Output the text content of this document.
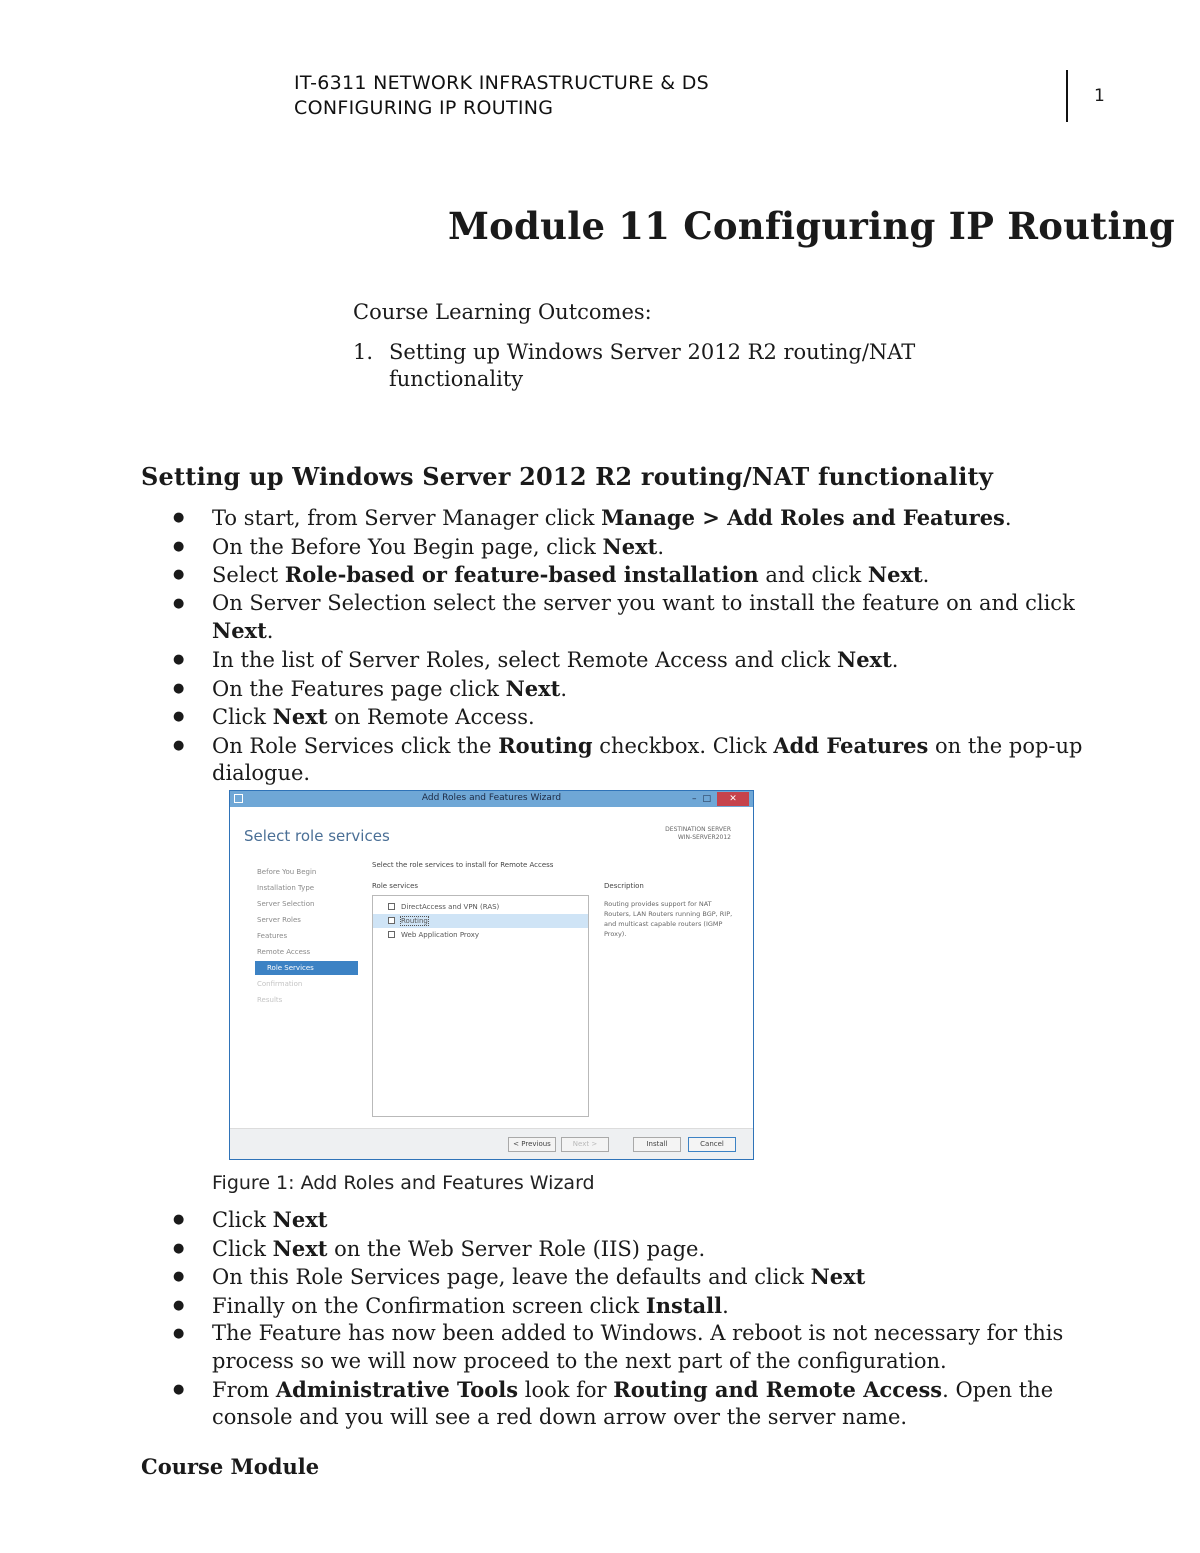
IT-6311 NETWORK INFRASTRUCTURE & DS
CONFIGURING IP ROUTING
1
Module 11 Configuring IP Routing
Course Learning Outcomes:
1. Setting up Windows Server 2012 R2 routing/NAT functionality
Setting up Windows Server 2012 R2 routing/NAT functionality
● To start, from Server Manager click Manage > Add Roles and Features.
● On the Before You Begin page, click Next.
● Select Role-based or feature-based installation and click Next.
● On Server Selection select the server you want to install the feature on and click Next.
● In the list of Server Roles, select Remote Access and click Next.
● On the Features page click Next.
● Click Next on Remote Access.
● On Role Services click the Routing checkbox. Click Add Features on the pop-up dialogue.
Add Roles and Features Wizard	– □	✕
Select role services	DESTINATION SERVER
WIN-SERVER2012
Before You Begin
Installation Type
Server Selection
Server Roles
Features
Remote Access
Role Services
Confirmation
Results
Select the role services to install for Remote Access
Role services	Description
DirectAccess and VPN (RAS)
Routing
Web Application Proxy
Routing provides support for NAT Routers, LAN Routers running BGP, RIP, and multicast capable routers (IGMP Proxy).
< Previous	Next >	Install	Cancel
Figure 1: Add Roles and Features Wizard
● Click Next
● Click Next on the Web Server Role (IIS) page.
● On this Role Services page, leave the defaults and click Next
● Finally on the Confirmation screen click Install.
● The Feature has now been added to Windows. A reboot is not necessary for this process so we will now proceed to the next part of the configuration.
● From Administrative Tools look for Routing and Remote Access. Open the console and you will see a red down arrow over the server name.
Course Module
